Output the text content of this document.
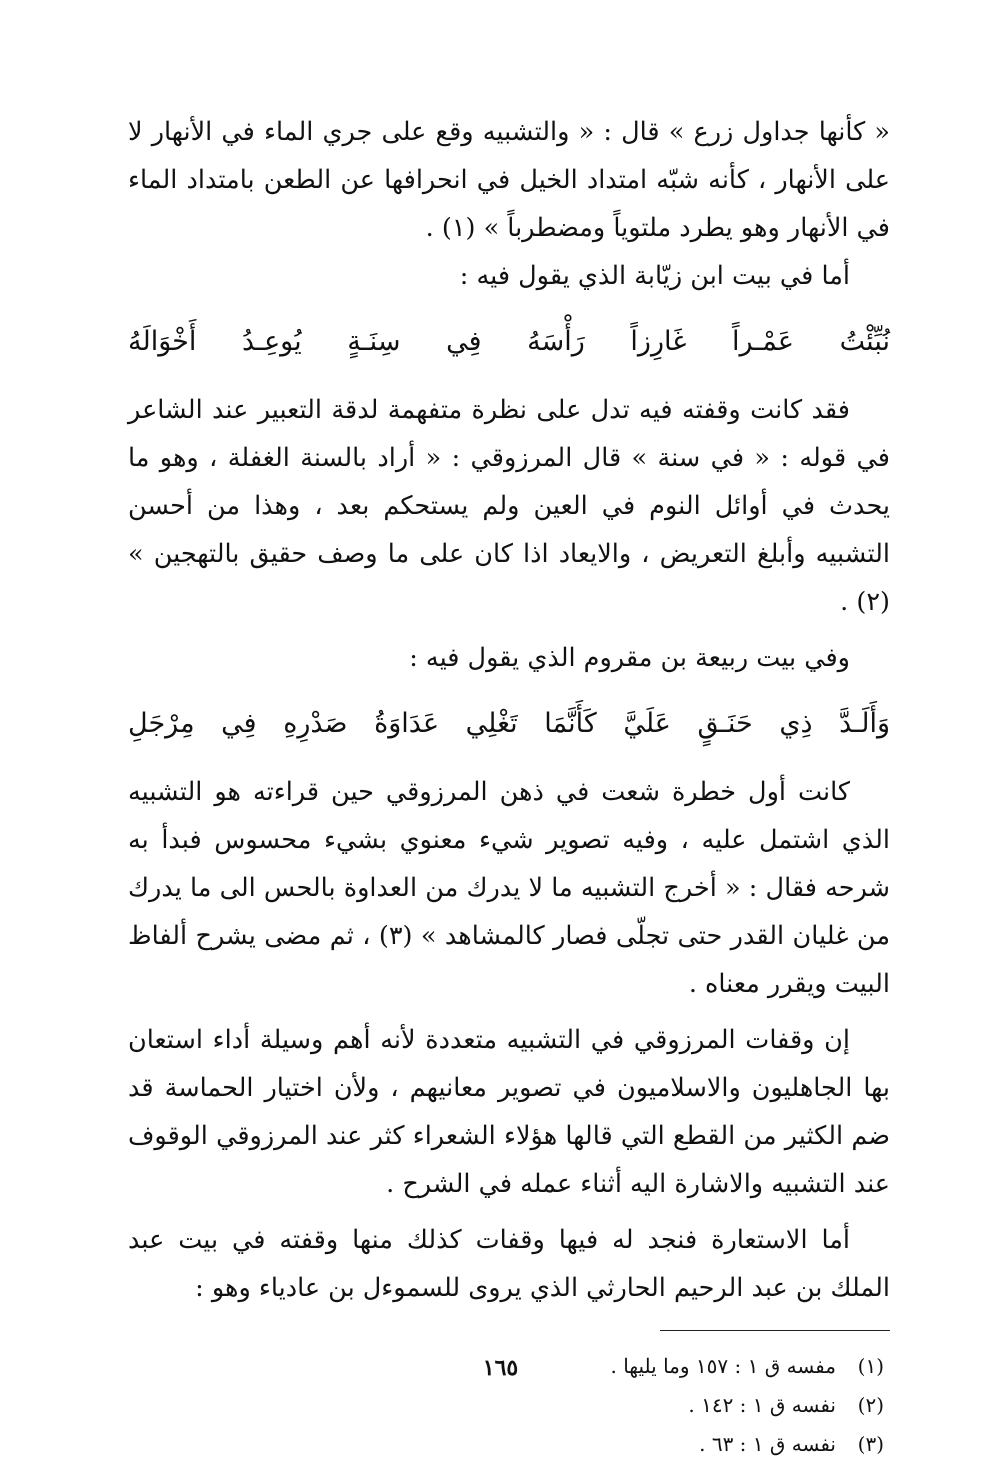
« كأنها جداول زرع » قال : « والتشبيه وقع على جري الماء في الأنهار لا على الأنهار ، كأنه شبّه امتداد الخيل في انحرافها عن الطعن بامتداد الماء في الأنهار وهو يطرد ملتوياً ومضطرباً » (١) .

أما في بيت ابن زيّابة الذي يقول فيه :

نُبِّئْتُ
عَمْـراً
غَارِزاً
رَأْسَهُ
فِي
سِنَـةٍ
يُوعِـدُ
أَخْوَالَهُ

فقد كانت وقفته فيه تدل على نظرة متفهمة لدقة التعبير عند الشاعر في قوله : « في سنة » قال المرزوقي : « أراد بالسنة الغفلة ، وهو ما يحدث في أوائل النوم في العين ولم يستحكم بعد ، وهذا من أحسن التشبيه وأبلغ التعريض ، والايعاد اذا كان على ما وصف حقيق بالتهجين » (٢) .

وفي بيت ربيعة بن مقروم الذي يقول فيه :

وَأَلَـدَّ
ذِي
حَنَـقٍ
عَلَيَّ
كَأَنَّمَا
تَغْلِي
عَدَاوَةُ
صَدْرِهِ
فِي
مِرْجَلِ

كانت أول خطرة شعت في ذهن المرزوقي حين قراءته هو التشبيه الذي اشتمل عليه ، وفيه تصوير شيء معنوي بشيء محسوس فبدأ به شرحه فقال : « أخرج التشبيه ما لا يدرك من العداوة بالحس الى ما يدرك من غليان القدر حتى تجلّى فصار كالمشاهد » (٣) ، ثم مضى يشرح ألفاظ البيت ويقرر معناه .

إن وقفات المرزوقي في التشبيه متعددة لأنه أهم وسيلة أداء استعان بها الجاهليون والاسلاميون في تصوير معانيهم ، ولأن اختيار الحماسة قد ضم الكثير من القطع التي قالها هؤلاء الشعراء كثر عند المرزوقي الوقوف عند التشبيه والاشارة اليه أثناء عمله في الشرح .

أما الاستعارة فنجد له فيها وقفات كذلك منها وقفته في بيت عبد الملك بن عبد الرحيم الحارثي الذي يروى للسموءل بن عادياء وهو :

(١)مفسه ق ١ : ١٥٧ وما يليها .

(٢)نفسه ق ١ : ١٤٢ .

(٣)نفسه ق ١ : ٦٣ .

١٦٥
